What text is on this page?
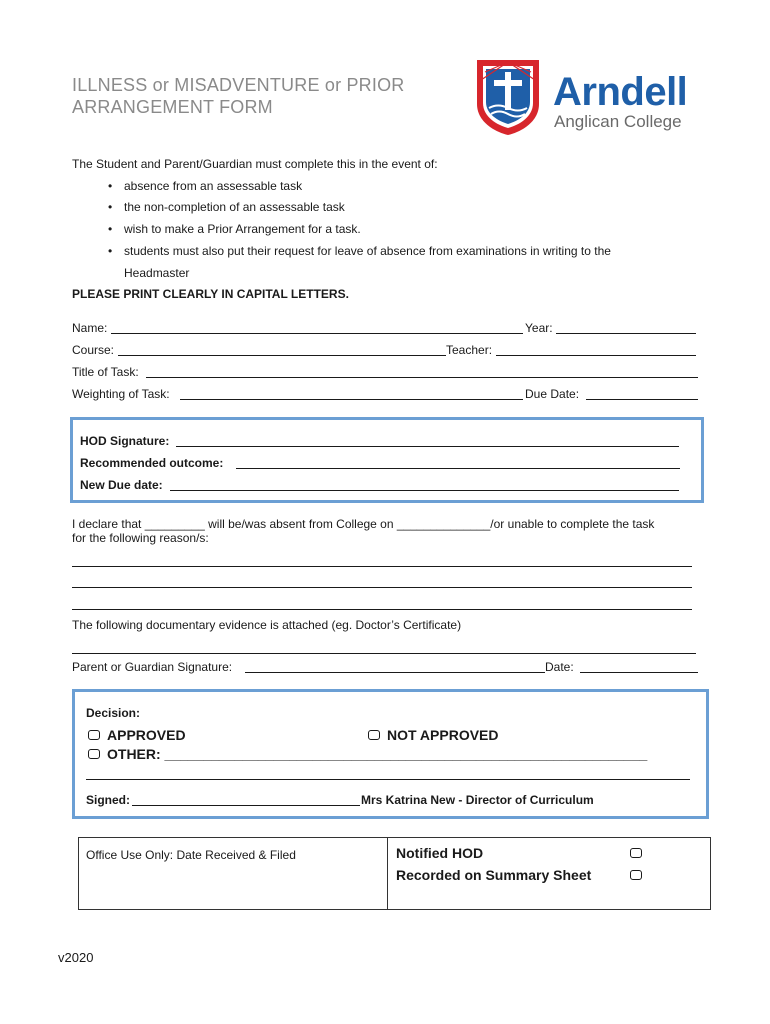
ILLNESS or MISADVENTURE or PRIOR
ARRANGEMENT FORM	Arndell
Anglican College
The Student and Parent/Guardian must complete this in the event of:
• absence from an assessable task
• the non-completion of an assessable task
• wish to make a Prior Arrangement for a task.
• students must also put their request for leave of absence from examinations in writing to the
Headmaster
PLEASE PRINT CLEARLY IN CAPITAL LETTERS.
Name:	Year:
Course:	Teacher:
Title of Task:
Weighting of Task:	Due Date:
HOD Signature:
Recommended outcome:
New Due date:
I declare that _________ will be/was absent from College on ______________/or unable to complete the task
for the following reason/s:
The following documentary evidence is attached (eg. Doctor’s Certificate)
Parent or Guardian Signature:	Date:
Decision:
APPROVED	NOT APPROVED
OTHER: ______________________________________________________________
Signed:	Mrs Katrina New - Director of Curriculum
Office Use Only: Date Received & Filed	Notified HOD
Recorded on Summary Sheet
v2020
